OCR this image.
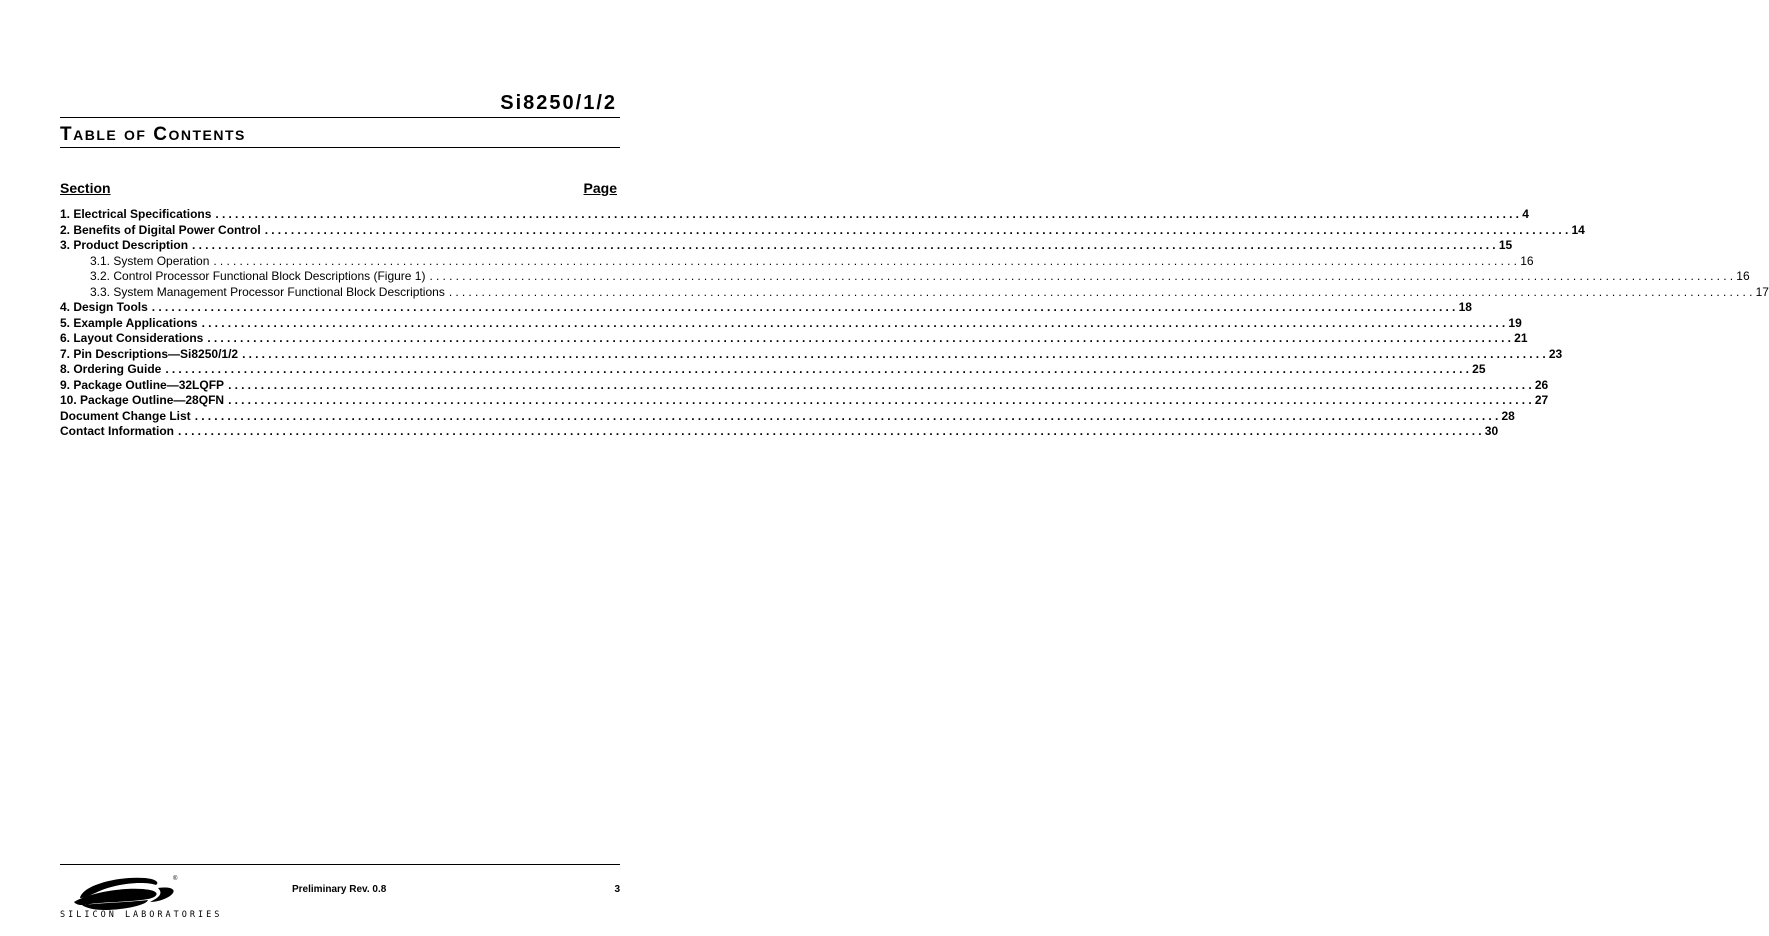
Si8250/1/2
TABLE OF CONTENTS
Section	Page
1. Electrical Specifications ........................................................................................................................................................................................................ 4
2. Benefits of Digital Power Control ........................................................................................................................................................................................................ 14
3. Product Description ........................................................................................................................................................................................................ 15
3.1. System Operation ........................................................................................................................................................................................................ 16
3.2. Control Processor Functional Block Descriptions (Figure 1) ........................................................................................................................................................................................................ 16
3.3. System Management Processor Functional Block Descriptions ........................................................................................................................................................................................................ 17
4. Design Tools ........................................................................................................................................................................................................ 18
5. Example Applications ........................................................................................................................................................................................................ 19
6. Layout Considerations ........................................................................................................................................................................................................ 21
7. Pin Descriptions—Si8250/1/2 ........................................................................................................................................................................................................ 23
8. Ordering Guide ........................................................................................................................................................................................................ 25
9. Package Outline—32LQFP ........................................................................................................................................................................................................ 26
10. Package Outline—28QFN ........................................................................................................................................................................................................ 27
Document Change List ........................................................................................................................................................................................................ 28
Contact Information ........................................................................................................................................................................................................ 30
®
SILICON LABORATORIES
Preliminary Rev. 0.8	3
